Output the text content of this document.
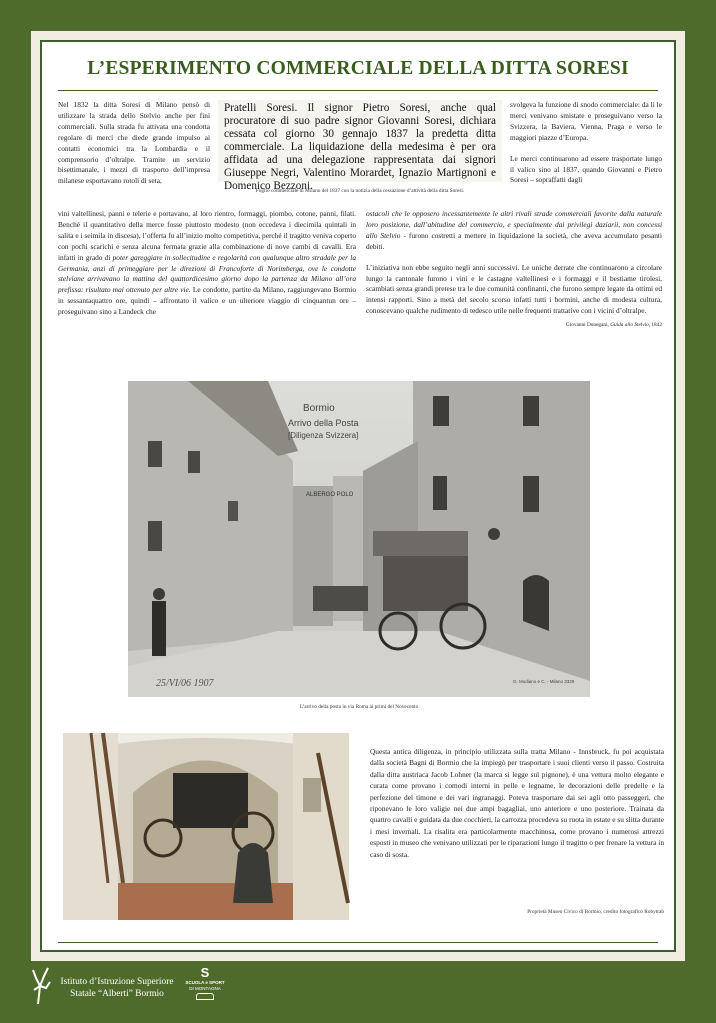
L’ESPERIMENTO COMMERCIALE DELLA DITTA SORESI

Nel 1832 la ditta Soresi di Milano pensò di utilizzare la strada dello Stelvio anche per fini commerciali. Sulla strada fu attivata una condotta regolare di merci che diede grande impulso ai contatti economici tra la Lombardia e il comprensorio d’oltralpe. Tramite un servizio bisettimanale, i mezzi di trasporto dell’impresa milanese esportavano rotoli di seta,

Pratelli Soresi. Il signor Pietro Soresi, anche qual procuratore di suo padre signor Giovanni Soresi, dichiara cessata col giorno 30 gennajo 1837 la predetta ditta commerciale. La liquidazione della medesima è per ora affidata ad una delegazione rappresentata dai signori Giuseppe Negri, Valentino Morardet, Ignazio Martignoni e Domenico Bezzoni.
Foglio commerciale di Milano del 1837 con la notizia della cessazione d’attività della ditta Soresi.

svolgeva la funzione di snodo commerciale: da lì le merci venivano smistate e proseguivano verso la Svizzera, la Baviera, Vienna, Praga e verso le maggiori piazze d’Europa.

Le merci continuarono ad essere trasportate lungo il valico sino al 1837, quando Giovanni e Pietro Soresi – sopraffatti dagli

vini valtellinesi, panni e telerie e portavano, al loro rientro, formaggi, piombo, cotone, panni, filati. Benché il quantitativo della merce fosse piuttosto modesto (non eccedeva i diecimila quintali in salita e i seimila in discesa), l’offerta fu all’inizio molto competitiva, perché il tragitto veniva coperto con pochi scarichi e senza alcuna fermata grazie alla combinazione di nove cambi di cavalli. Era infatti in grado di poter gareggiare in sollecitudine e regolarità con qualunque altro stradale per la Germania, anzi di primeggiare per le direzioni di Francoforte di Norimberga, ove le condotte stelviane arrivavano la mattina del quattordicesimo giorno dopo la partenza da Milano all’ora prefissa: risultato mai ottenuto per altre vie. Le condotte, partite da Milano, raggiungevano Bormio in sessantaquattro ore, quindi – affrontato il valico e un ulteriore viaggio di cinquantun ore – proseguivano sino a Landeck che

ostacoli che le opposero incessantemente le altri rivali strade commerciali favorite dalla naturale loro posizione, dall’abitudine del commercio, e specialmente dai privilegi daziarii, non concessi allo Stelvio - furono costretti a mettere in liquidazione la società, che aveva accumulato pesanti debiti.

L’iniziativa non ebbe seguito negli anni successivi. Le uniche derrate che continuarono a circolare lungo la cantonale furono i vini e le castagne valtellinesi e i formaggi e il bestiame tirolesi, scambiati senza grandi pretese tra le due comunità confinanti, che furono sempre legate da ottimi ed intensi rapporti. Sino a metà del secolo scorso infatti tutti i bormini, anche di modesta cultura, conoscevano qualche rudimento di tedesco utile nelle frequenti trattative con i vicini d’oltralpe.

Giovanni Donegani, Guida allo Stelvio, 1842

25/VI/06 1907
Bormio
Arrivo della Posta
[Diligenza Svizzera]
ALBERGO POLO
G. Modiano e C. - Milano 3329
L’arrivo della posta in via Roma ai primi del Novecento

Questa antica diligenza, in principio utilizzata sulla tratta Milano - Innsbruck, fu poi acquistata dalla società Bagni di Bormio che la impiegò per trasportare i suoi clienti verso il passo. Costruita dalla ditta austriaca Jacob Lohner (la marca si legge sul pignone), è una vettura molto elegante e curata come provano i comodi interni in pelle e legname, le decorazioni delle predelle e la perfezione del timone e dei vari ingranaggi. Poteva trasportare dai sei agli otto passeggeri, che riponevano le loro valigie nei due ampi bagagliai, uno anteriore e uno posteriore. Trainata da quattro cavalli e guidata da due cocchieri, la carrozza procedeva su ruota in estate e su slitta durante i mesi invernali. La risalita era particolarmente macchinosa, come provano i numerosi attrezzi esposti in museo che venivano utilizzati per le riparazioni lungo il tragitto o per frenare la vettura in caso di sosta.

Proprietà Museo Civico di Bormio, credito fotografico Robytrab
Istituto d’Istruzione Superiore
Statale “Alberti” Bormio
S
SCUOLA e SPORT
DI MONTAGNA
